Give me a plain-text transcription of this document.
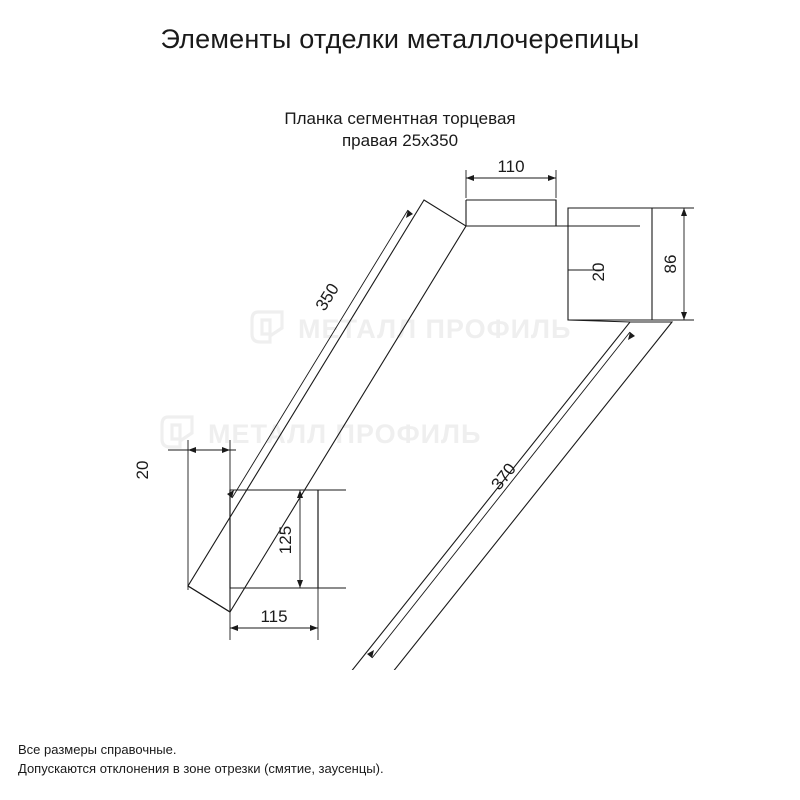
Элементы отделки металлочерепицы
Планка сегментная торцевая
правая 25x350
МЕТАЛЛ ПРОФИЛЬ
МЕТАЛЛ ПРОФИЛЬ
110
350
20	86
20	370
125
115
Все размеры справочные.
Допускаются отклонения в зоне отрезки (смятие, заусенцы).
